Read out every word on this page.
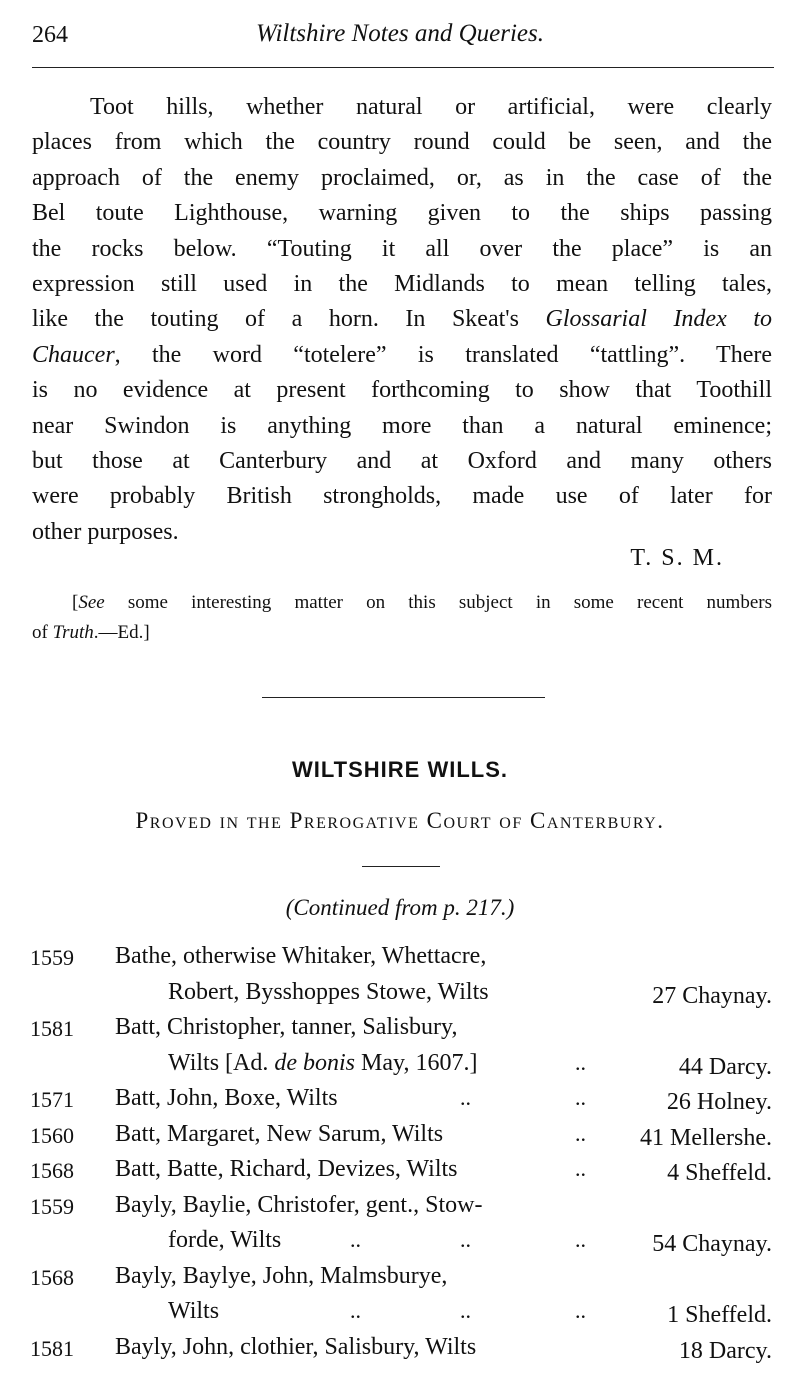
264	Wiltshire Notes and Queries.
Toot hills, whether natural or artificial, were clearly
places from which the country round could be seen, and the
approach of the enemy proclaimed, or, as in the case of the
Bel toute Lighthouse, warning given to the ships passing
the rocks below. “Touting it all over the place” is an
expression still used in the Midlands to mean telling tales,
like the touting of a horn. In Skeat's Glossarial Index to
Chaucer, the word “totelere” is translated “tattling”. There
is no evidence at present forthcoming to show that Toothill
near Swindon is anything more than a natural eminence;
but those at Canterbury and at Oxford and many others
were probably British strongholds, made use of later for
other purposes.
T. S. M.
[See some interesting matter on this subject in some recent numbers
of Truth.—Ed.]
WILTSHIRE WILLS.
Proved in the Prerogative Court of Canterbury.
(Continued from p. 217.)
1559 Bathe, otherwise Whitaker, Whettacre,
Robert, Bysshoppes Stowe, Wilts	27 Chaynay.
1581 Batt, Christopher, tanner, Salisbury,
Wilts [Ad. de bonis May, 1607.]	..	44 Darcy.
1571 Batt, John, Boxe, Wilts	..	..	26 Holney.
1560 Batt, Margaret, New Sarum, Wilts	.. 41 Mellershe.
1568 Batt, Batte, Richard, Devizes, Wilts	..	4 Sheffeld.
1559 Bayly, Baylie, Christofer, gent., Stow-
forde, Wilts	..	..	..	54 Chaynay.
1568 Bayly, Baylye, John, Malmsburye,
Wilts	..	..	..	1 Sheffeld.
1581 Bayly, John, clothier, Salisbury, Wilts	18 Darcy.
